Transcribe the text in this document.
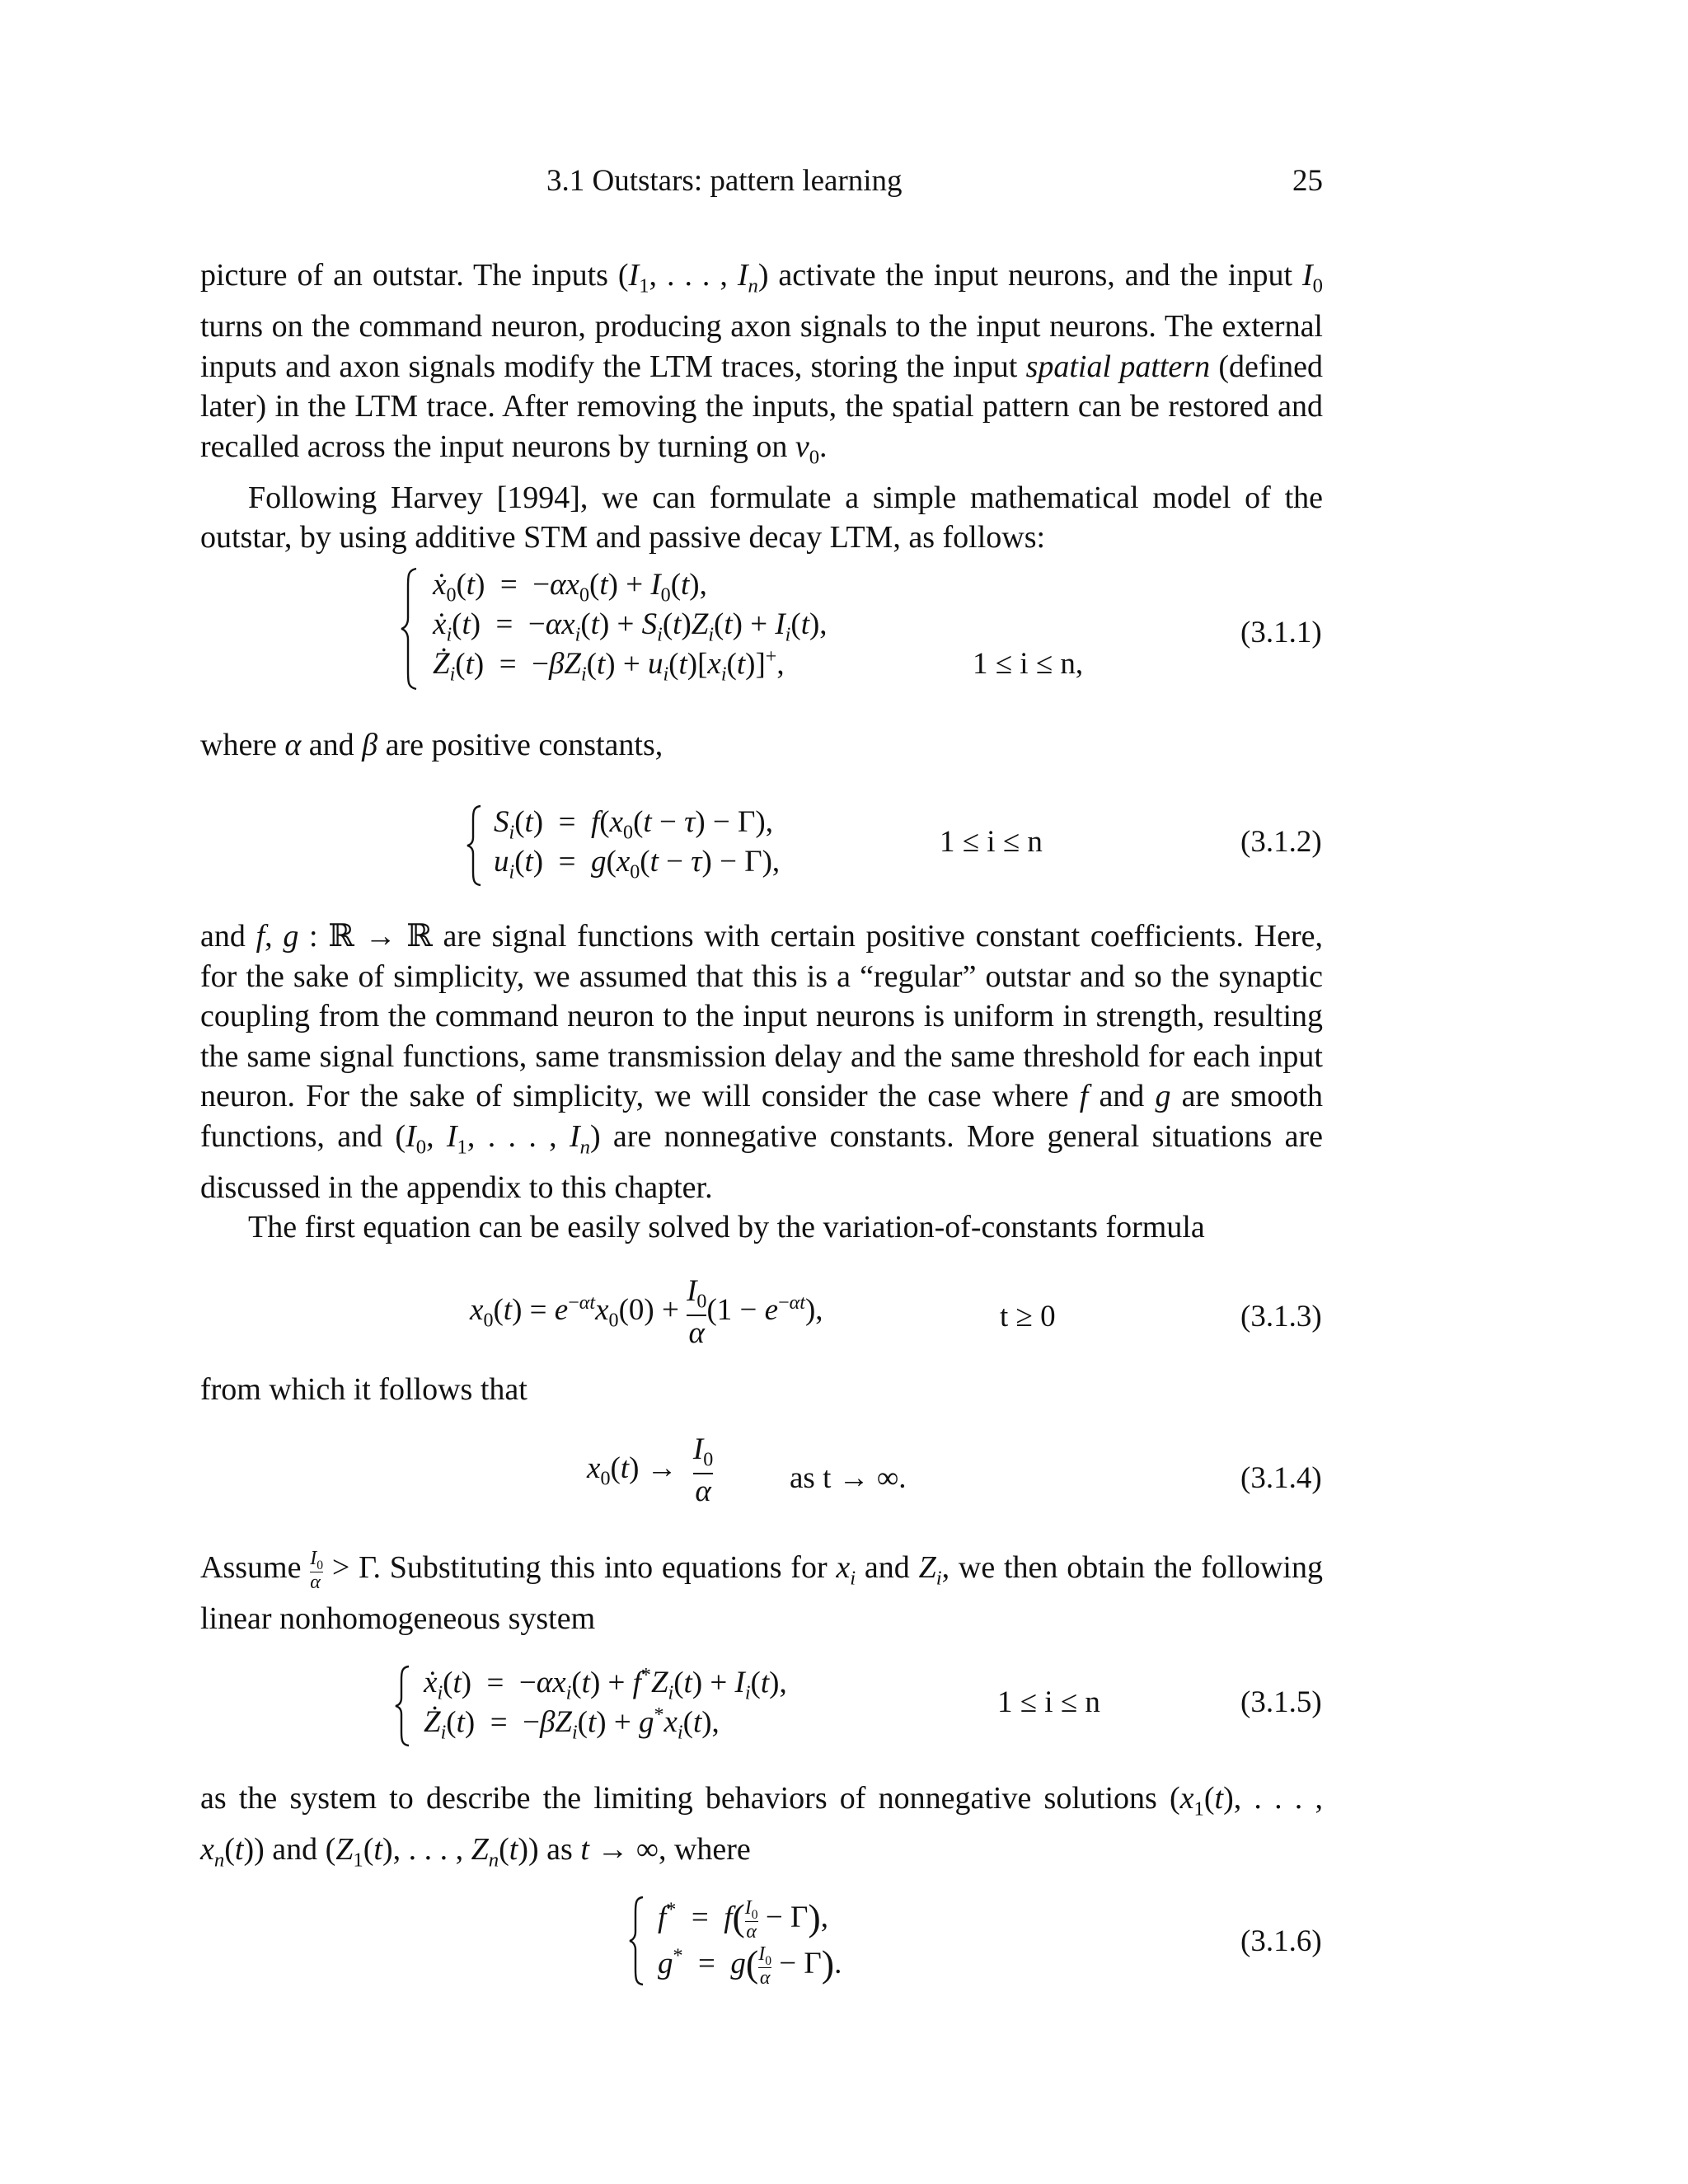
3.1 Outstars: pattern learning	25

picture of an outstar. The inputs ($I_1$, . . . , $I_n$) activate the input neurons, and the input $I_0$ turns on the command neuron, producing axon signals to the input neurons. The external inputs and axon signals modify the LTM traces, storing the input spatial pattern (defined later) in the LTM trace. After removing the inputs, the spatial pattern can be restored and recalled across the input neurons by turning on $v_0$.

Following Harvey [1994], we can formulate a simple mathematical model of the outstar, by using additive STM and passive decay LTM, as follows:

ẋ$_0$(t)  =  $-\alpha x_0(t) + I_0(t)$,
ẋ$_i$(t)  =  $-\alpha x_i(t) + S_i(t)Z_i(t) + I_i(t)$,
$Ż_i(t) = -\beta Z_i(t) + u_i(t)[x_i(t)]^+$,	1 ≤ i ≤ n,
(3.1.1)

where α and β are positive constants,

$S_i(t) = f(x_0(t - \tau) - \Gamma)$,
$u_i(t) = g(x_0(t - \tau) - \Gamma)$,
1 ≤ i ≤ n	(3.1.2)

and f, g : ℝ → ℝ are signal functions with certain positive constant coefficients. Here, for the sake of simplicity, we assumed that this is a “regular” outstar and so the synaptic coupling from the command neuron to the input neurons is uniform in strength, resulting the same signal functions, same transmission delay and the same threshold for each input neuron. For the sake of simplicity, we will consider the case where f and g are smooth functions, and ($I_0$, $I_1$, . . . , $I_n$) are nonnegative constants. More general situations are discussed in the appendix to this chapter.

The first equation can be easily solved by the variation-of-constants formula

$x_0(t) = e^{-\alpha t}x_0(0) + \frac{I_0}{\alpha} (1 - e^{-\alpha t})$,	t ≥ 0	(3.1.3)

from which it follows that

$x_0(t) \to \frac{I_0}{\alpha}$	as t → ∞.	(3.1.4)

Assume $\frac{I_0}{\alpha} > \Gamma$. Substituting this into equations for $x_i$ and $Z_i$, we then obtain the following linear nonhomogeneous system

ẋ$_i$(t)  =  $-\alpha x_i(t) + f^*Z_i(t) + I_i(t)$,
$Ż_i(t) = -\beta Z_i(t) + g^*x_i(t)$,
1 ≤ i ≤ n	(3.1.5)

as the system to describe the limiting behaviors of nonnegative solutions ($x_1(t)$, . . . , $x_n(t)$) and ($Z_1(t)$, . . . , $Z_n(t)$) as t → ∞, where

$f^* = f( \frac{I_0}{\alpha} - \Gamma)$,
$g^* = g( \frac{I_0}{\alpha} - \Gamma)$.
(3.1.6)
